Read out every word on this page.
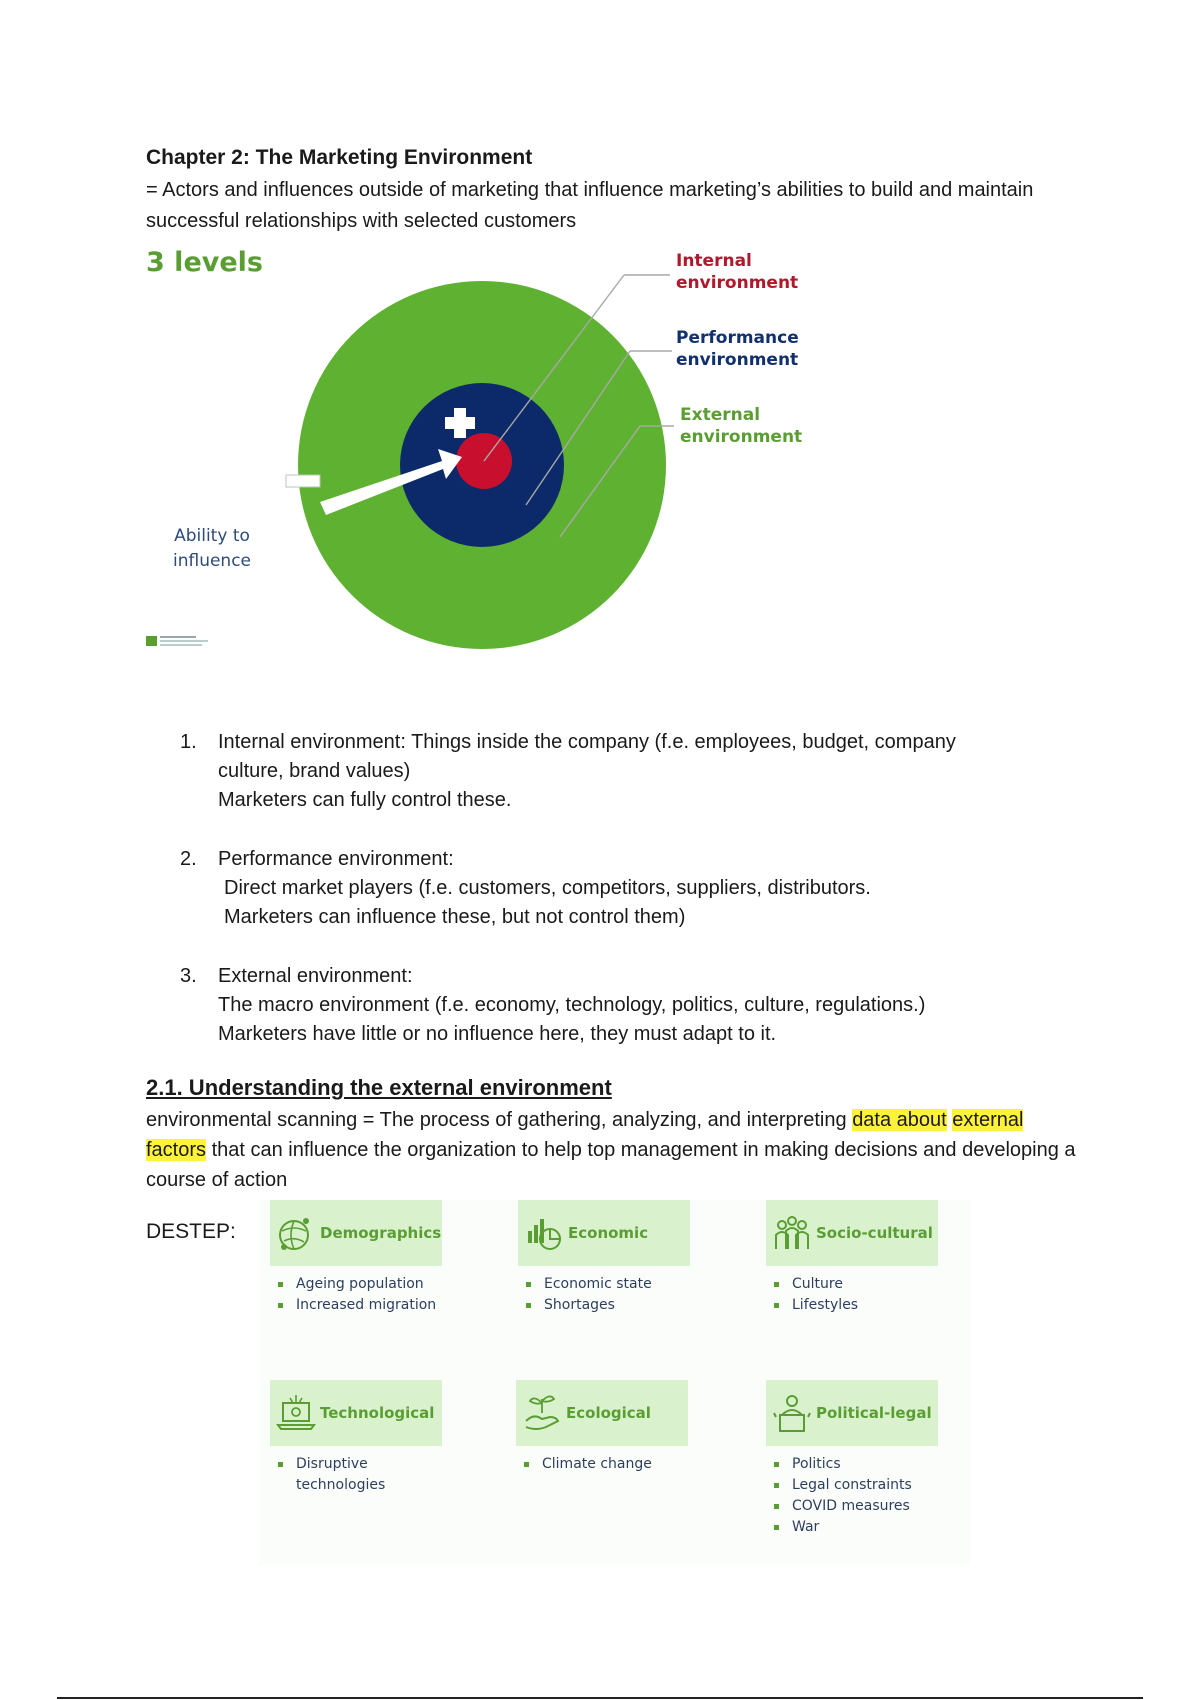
Chapter 2: The Marketing Environment

= Actors and influences outside of marketing that influence marketing’s abilities to build and maintain successful relationships with selected customers

3 levels	Internal
environment
Performance
environment
External
environment
Ability to
influence
1. Internal environment: Things inside the company (f.e. employees, budget, company
culture, brand values)
Marketers can fully control these.
2. Performance environment:
Direct market players (f.e. customers, competitors, suppliers, distributors.
Marketers can influence these, but not control them)
3. External environment:
The macro environment (f.e. economy, technology, politics, culture, regulations.)
Marketers have little or no influence here, they must adapt to it.
2.1. Understanding the external environment

environmental scanning = The process of gathering, analyzing, and interpreting data about external factors that can influence the organization to help top management in making decisions and developing a course of action

DESTEP:	Demographics
Ageing population
Increased migration
Economic
Economic state
Shortages
Socio-cultural
Culture
Lifestyles
Technological
Disruptive technologies
Ecological
Climate change
Political-legal
Politics
Legal constraints
COVID measures
War
